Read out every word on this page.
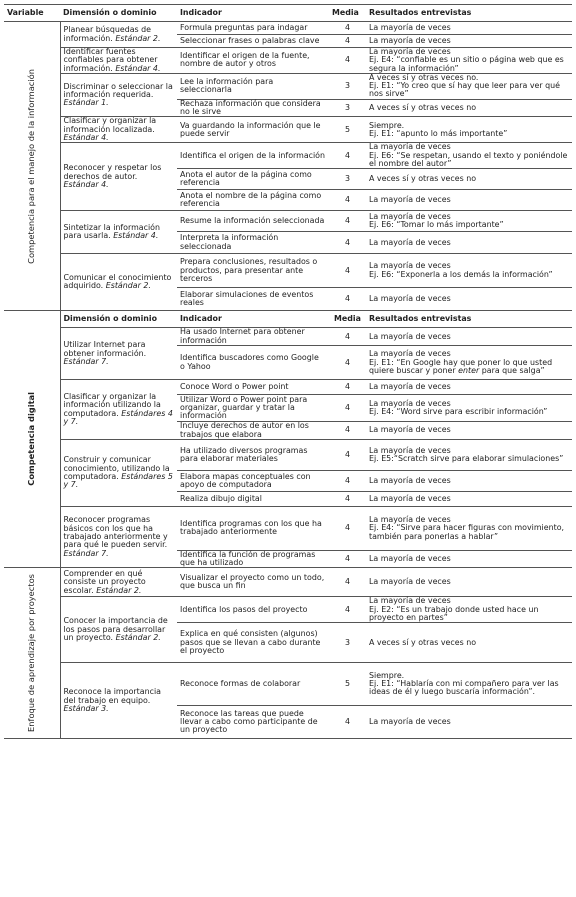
Variable	Dimensión o dominio	Indicador	Media	Resultados entrevistas

Competencia para el manejo de la información	Planear búsquedas de información. Estándar 2.	Formula preguntas para indagar	4	La mayoría de veces

		Seleccionar frases o palabras clave	4	La mayoría de veces

	Identificar fuentes confiables para obtener información. Estándar 4.	Identificar el origen de la fuente, nombre de autor y otros	4	La mayoría de veces
Ej. E4: “confiable es un sitio o página web que es segura la información”

	Discriminar o seleccionar la información requerida. Estándar 1.	Lee la información para seleccionarla	3	A veces sí y otras veces no.
Ej. E1: “Yo creo que sí hay que leer para ver qué nos sirve”

		Rechaza información que considera no le sirve	3	A veces sí y otras veces no

	Clasificar y organizar la información localizada. Estándar 4.	Va guardando la información que le puede servir	5	Siempre.
Ej. E1: “apunto lo más importante”

	Reconocer y respetar los derechos de autor. Estándar 4.	Identifica el origen de la información	4	La mayoría de veces
Ej. E6: “Se respetan, usando el texto y poniéndole el nombre del autor”

		Anota el autor de la página como referencia	3	A veces sí y otras veces no

		Anota el nombre de la página como referencia	4	La mayoría de veces

	Sintetizar la información para usarla. Estándar 4.	Resume la información seleccionada	4	La mayoría de veces
Ej. E6: “Tomar lo más importante”

		Interpreta la información seleccionada	4	La mayoría de veces

	Comunicar el conocimiento adquirido. Estándar 2.	Prepara conclusiones, resultados o productos, para presentar ante terceros	4	La mayoría de veces
Ej. E6: “Exponerla a los demás la información”

		Elaborar simulaciones de eventos reales	4	La mayoría de veces

Competencia digital	Dimensión o dominio	Indicador	Media	Resultados entrevistas
	Utilizar Internet para obtener información. Estándar 7.	Ha usado Internet para obtener información	4	La mayoría de veces

		Identifica buscadores como Google o Yahoo	4	La mayoría de veces
Ej. E1: “En Google hay que poner lo que usted quiere buscar y poner enter para que salga”

	Clasificar y organizar la información utilizando la computadora. Estándares 4 y 7.	Conoce Word o Power point	4	La mayoría de veces

		Utilizar Word o Power point para organizar, guardar y tratar la información	4	La mayoría de veces
Ej. E4: “Word sirve para escribir información”

		Incluye derechos de autor en los trabajos que elabora	4	La mayoría de veces

	Construir y comunicar conocimiento, utilizando la computadora. Estándares 5 y 7.	Ha utilizado diversos programas para elaborar materiales	4	La mayoría de veces
Ej. E5:“Scratch sirve para elaborar simulaciones”

		Elabora mapas conceptuales con apoyo de computadora	4	La mayoría de veces

		Realiza dibujo digital	4	La mayoría de veces

	Reconocer programas básicos con los que ha trabajado anteriormente y para qué le pueden servir. Estándar 7.	Identifica programas con los que ha trabajado anteriormente	4	La mayoría de veces
Ej. E4: “Sirve para hacer figuras con movimiento, también para ponerlas a hablar”

		Identifica la función de programas que ha utilizado	4	La mayoría de veces

Enfoque de aprendizaje por proyectos	Comprender en qué consiste un proyecto escolar. Estándar 2.	Visualizar el proyecto como un todo, que busca un fin	4	La mayoría de veces

	Conocer la importancia de los pasos para desarrollar un proyecto. Estándar 2.	Identifica los pasos del proyecto	4	La mayoría de veces
Ej. E2: “Es un trabajo donde usted hace un proyecto en partes”

		Explica en qué consisten (algunos) pasos que se llevan a cabo durante el proyecto	3	A veces sí y otras veces no

	Reconoce la importancia del trabajo en equipo. Estándar 3.	Reconoce formas de colaborar	5	Siempre.
Ej. E1: “Hablaría con mi compañero para ver las ideas de él y luego buscaría información”.

		Reconoce las tareas que puede llevar a cabo como participante de un proyecto	4	La mayoría de veces
